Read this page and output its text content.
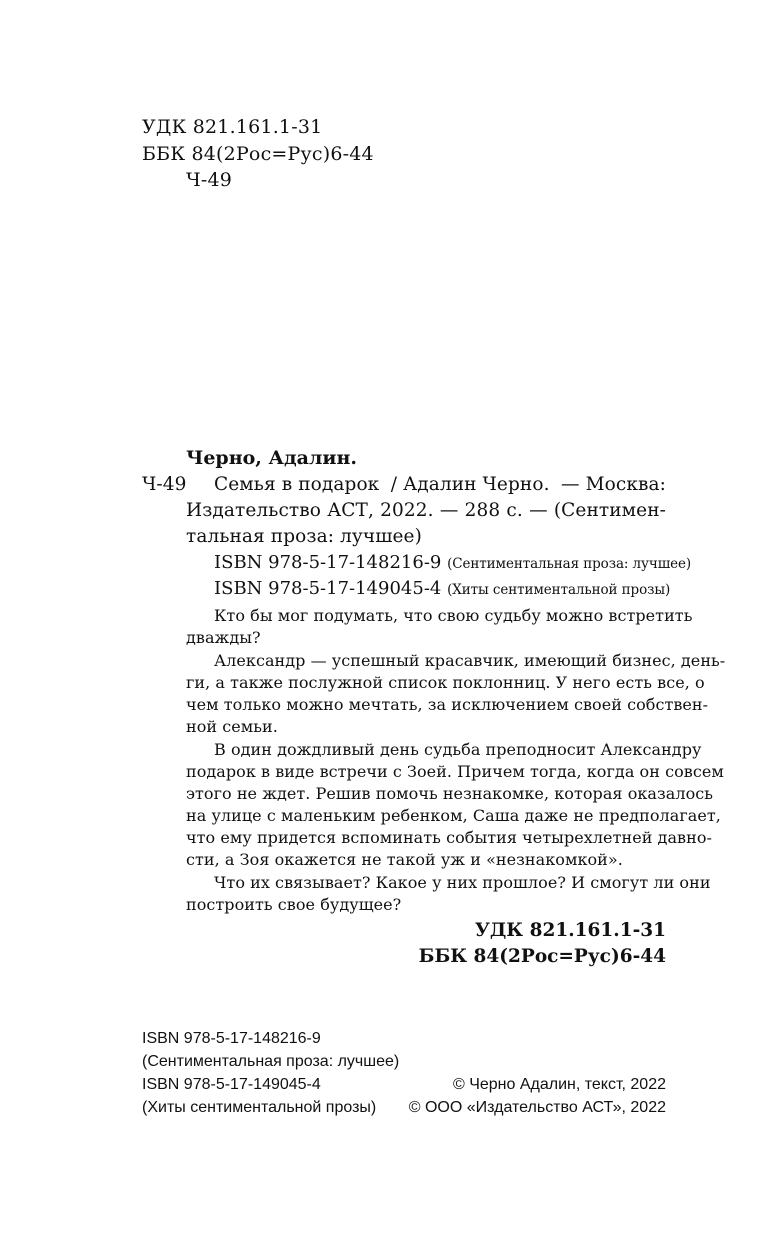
УДК 821.161.1-31
ББК 84(2Рос=Рус)6-44
Ч-49
Черно, Адалин.
Ч-49 Семья в подарок / Адалин Черно. — Москва:
Издательство АСТ, 2022. — 288 с. — (Сентимен-
тальная проза: лучшее)
ISBN 978-5-17-148216-9 (Сентиментальная проза: лучшее)
ISBN 978-5-17-149045-4 (Хиты сентиментальной прозы)
Кто бы мог подумать, что свою судьбу можно встретить
дважды?
Александр — успешный красавчик, имеющий бизнес, день-
ги, а также послужной список поклонниц. У него есть все, о
чем только можно мечтать, за исключением своей собствен-
ной семьи.
В один дождливый день судьба преподносит Александру
подарок в виде встречи с Зоей. Причем тогда, когда он совсем
этого не ждет. Решив помочь незнакомке, которая оказалось
на улице с маленьким ребенком, Саша даже не предполагает,
что ему придется вспоминать события четырехлетней давно-
сти, а Зоя окажется не такой уж и «незнакомкой».
Что их связывает? Какое у них прошлое? И смогут ли они
построить свое будущее?
УДК 821.161.1-31
ББК 84(2Рос=Рус)6-44
ISBN 978-5-17-148216-9
(Сентиментальная проза: лучшее)
ISBN 978-5-17-149045-4
(Хиты сентиментальной прозы)
© Черно Адалин, текст, 2022
© ООО «Издательство АСТ», 2022
